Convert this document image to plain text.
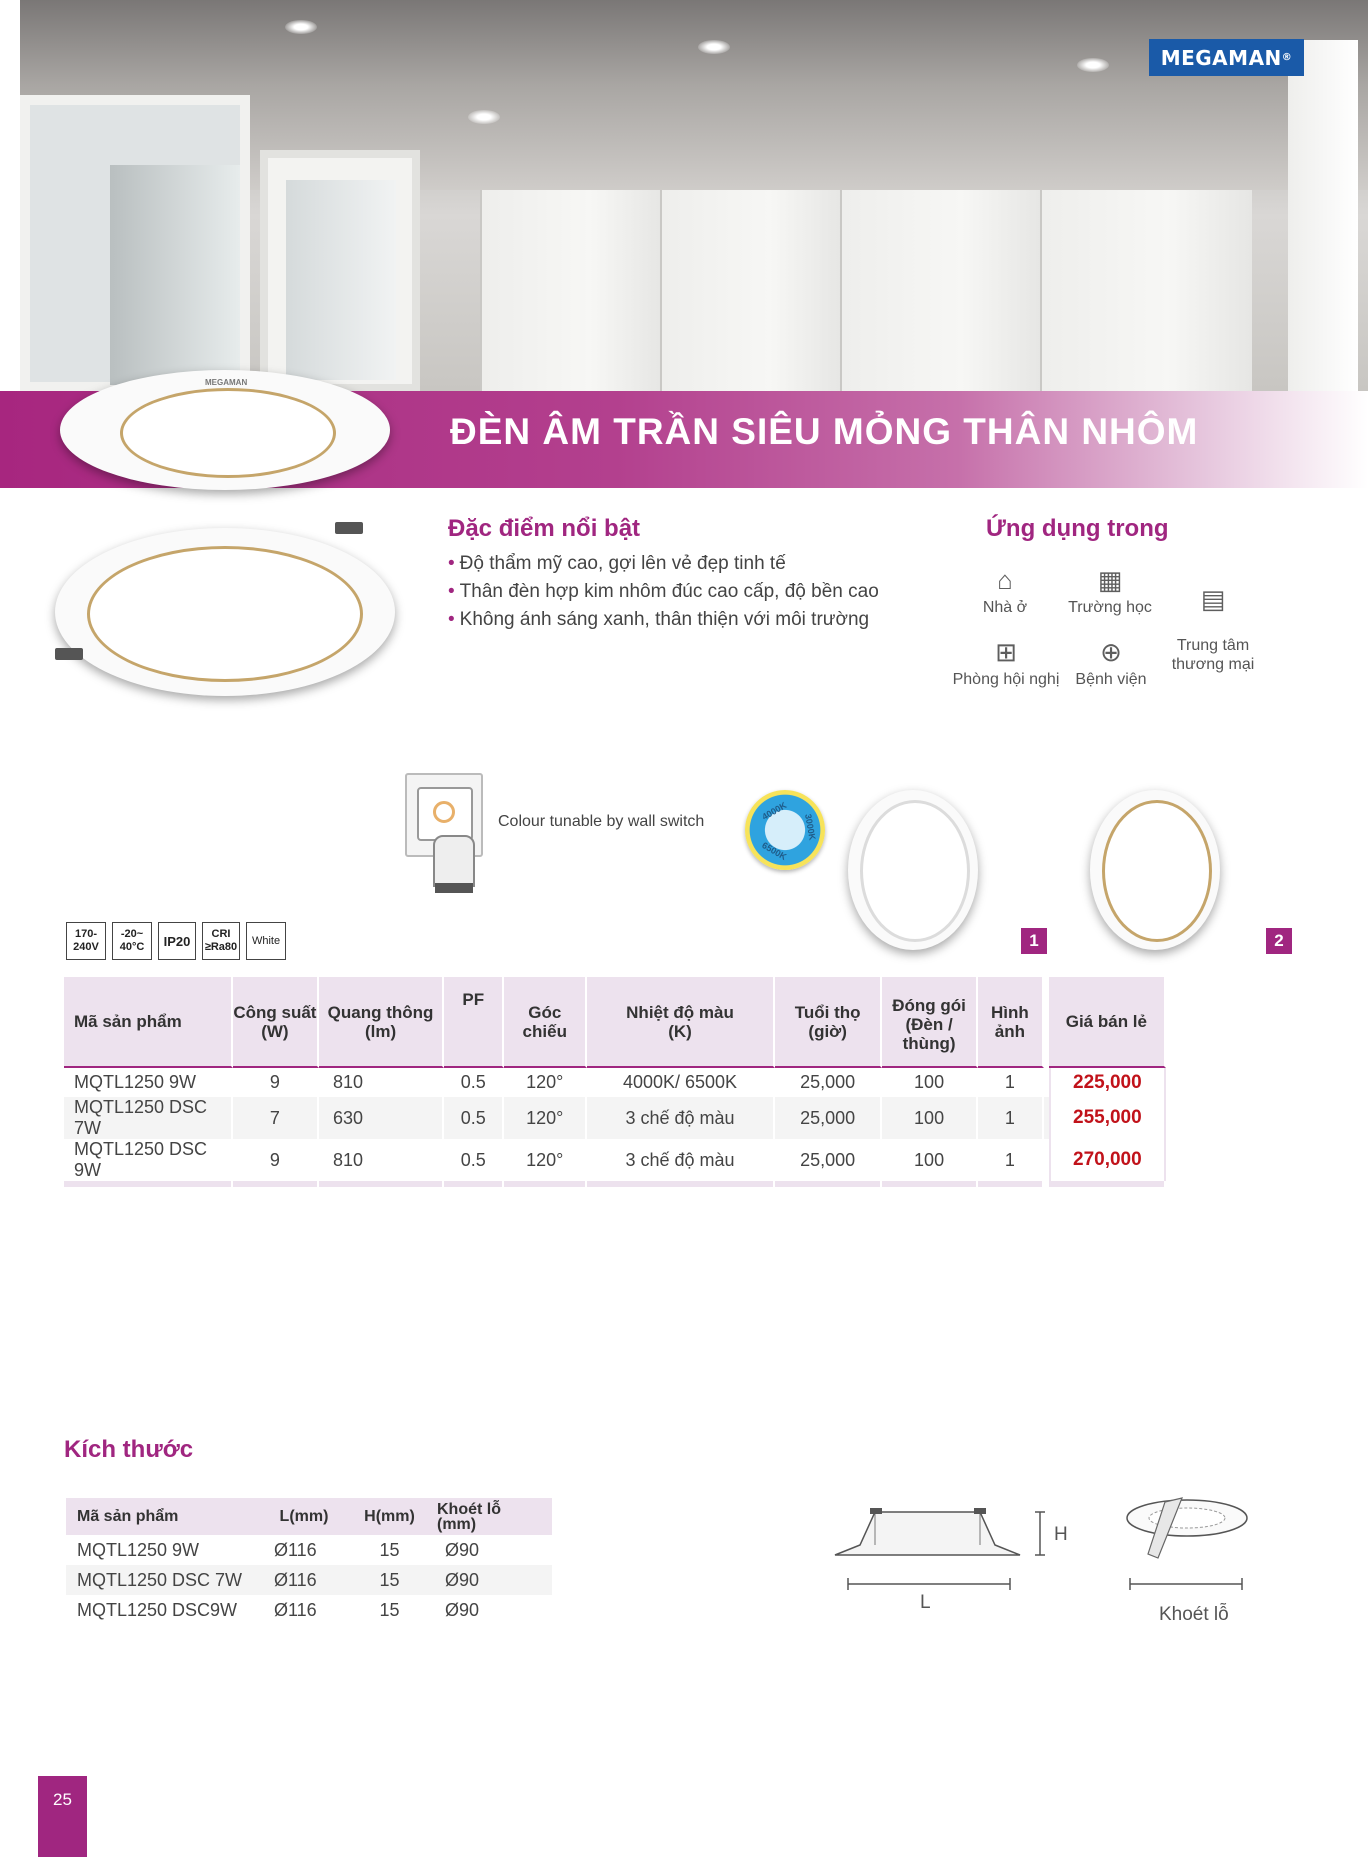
MEGAMAN ®
ĐÈN ÂM TRẦN SIÊU MỎNG THÂN NHÔM
MEGAMAN
Đặc điểm nổi bật
• Độ thẩm mỹ cao, gợi lên vẻ đẹp tinh tế
• Thân đèn hợp kim nhôm đúc cao cấp, độ bền cao
• Không ánh sáng xanh, thân thiện với môi trường
Ứng dụng trong
⌂
Nhà ở
▦
Trường học	▤

Trung tâm
thương mại

⊞
Phòng hội nghị
⊕
Bệnh viện
Colour tunable by wall switch	4000K
3000K
6500K
1	2
170-
240V
-20~
40°C	IP20	CRI
≥Ra80
White
Mã sản phẩm	Công suất
(W)	Quang thông
(lm)	PF	Góc
chiếu	Nhiệt độ màu
(K)	Tuổi thọ
(giờ)	Đóng gói
(Đèn /
thùng)	Hình
ảnh		Giá bán lẻ
MQTL1250 9W	9	810	0.5	120°	4000K/ 6500K	25,000	100	1		225,000
MQTL1250 DSC 7W	7	630	0.5	120°	3 chế độ màu	25,000	100	1		255,000
MQTL1250 DSC 9W	9	810	0.5	120°	3 chế độ màu	25,000	100	1		270,000

Kích thước
Mã sản phẩm	L(mm)	H(mm)	Khoét lỗ
(mm)
MQTL1250 9W	Ø116	15	Ø90
MQTL1250 DSC 7W	Ø116	15	Ø90
MQTL1250 DSC9W	Ø116	15	Ø90
H
L
Khoét lỗ
25
